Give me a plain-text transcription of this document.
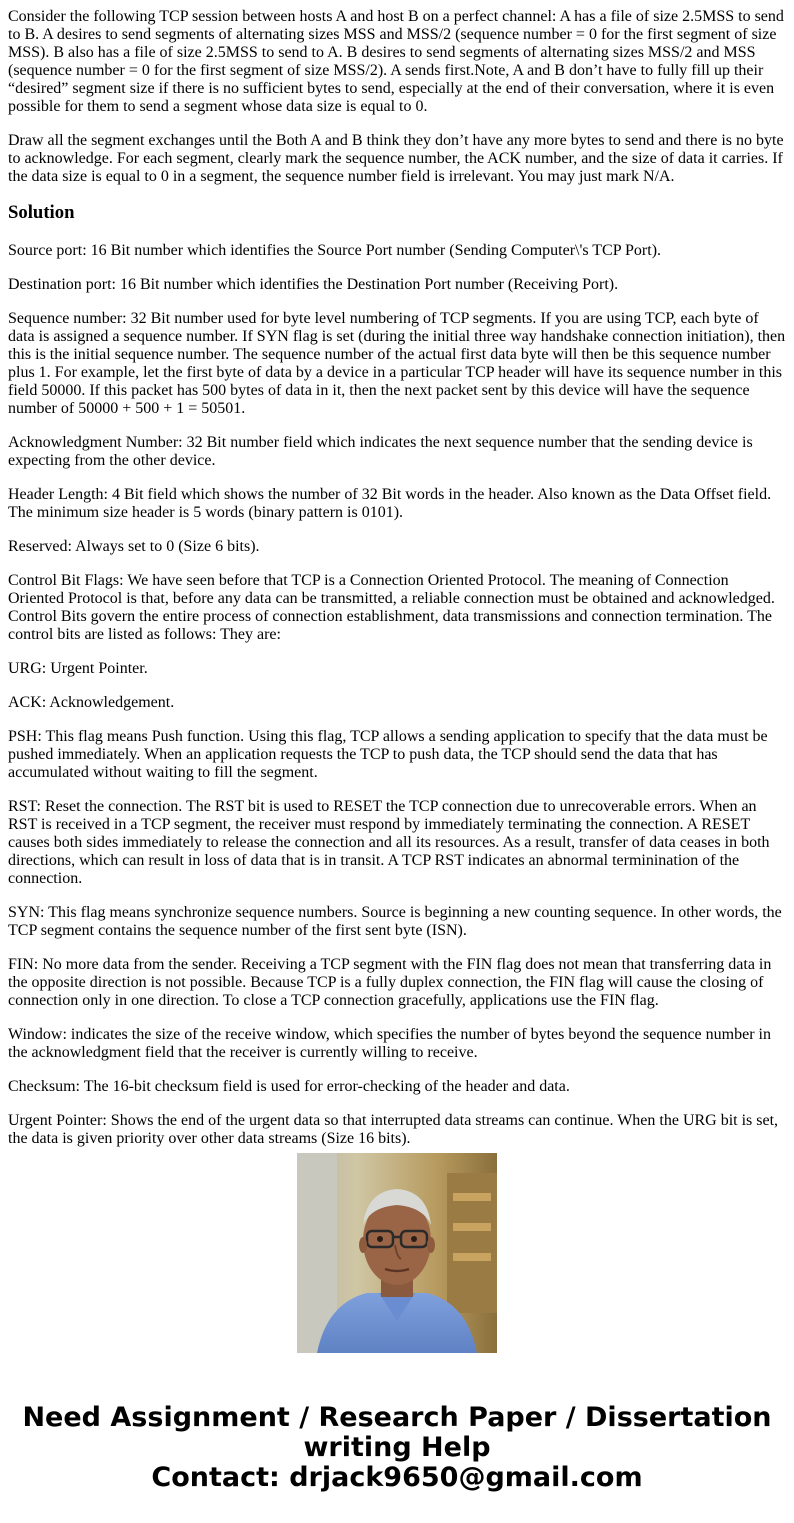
Consider the following TCP session between hosts A and host B on a perfect channel: A has a file of size 2.5MSS to send to B. A desires to send segments of alternating sizes MSS and MSS/2 (sequence number = 0 for the first segment of size MSS). B also has a file of size 2.5MSS to send to A. B desires to send segments of alternating sizes MSS/2 and MSS (sequence number = 0 for the first segment of size MSS/2). A sends first.Note, A and B don’t have to fully fill up their “desired” segment size if there is no sufficient bytes to send, especially at the end of their conversation, where it is even possible for them to send a segment whose data size is equal to 0.

Draw all the segment exchanges until the Both A and B think they don’t have any more bytes to send and there is no byte to acknowledge. For each segment, clearly mark the sequence number, the ACK number, and the size of data it carries. If the data size is equal to 0 in a segment, the sequence number field is irrelevant. You may just mark N/A.

Solution

Source port: 16 Bit number which identifies the Source Port number (Sending Computer\'s TCP Port).

Destination port: 16 Bit number which identifies the Destination Port number (Receiving Port).

Sequence number: 32 Bit number used for byte level numbering of TCP segments. If you are using TCP, each byte of data is assigned a sequence number. If SYN flag is set (during the initial three way handshake connection initiation), then this is the initial sequence number. The sequence number of the actual first data byte will then be this sequence number plus 1. For example, let the first byte of data by a device in a particular TCP header will have its sequence number in this field 50000. If this packet has 500 bytes of data in it, then the next packet sent by this device will have the sequence number of 50000 + 500 + 1 = 50501.

Acknowledgment Number: 32 Bit number field which indicates the next sequence number that the sending device is expecting from the other device.

Header Length: 4 Bit field which shows the number of 32 Bit words in the header. Also known as the Data Offset field. The minimum size header is 5 words (binary pattern is 0101).

Reserved: Always set to 0 (Size 6 bits).

Control Bit Flags: We have seen before that TCP is a Connection Oriented Protocol. The meaning of Connection Oriented Protocol is that, before any data can be transmitted, a reliable connection must be obtained and acknowledged. Control Bits govern the entire process of connection establishment, data transmissions and connection termination. The control bits are listed as follows: They are:

URG: Urgent Pointer.

ACK: Acknowledgement.

PSH: This flag means Push function. Using this flag, TCP allows a sending application to specify that the data must be pushed immediately. When an application requests the TCP to push data, the TCP should send the data that has accumulated without waiting to fill the segment.

RST: Reset the connection. The RST bit is used to RESET the TCP connection due to unrecoverable errors. When an RST is received in a TCP segment, the receiver must respond by immediately terminating the connection. A RESET causes both sides immediately to release the connection and all its resources. As a result, transfer of data ceases in both directions, which can result in loss of data that is in transit. A TCP RST indicates an abnormal terminination of the connection.

SYN: This flag means synchronize sequence numbers. Source is beginning a new counting sequence. In other words, the TCP segment contains the sequence number of the first sent byte (ISN).

FIN: No more data from the sender. Receiving a TCP segment with the FIN flag does not mean that transferring data in the opposite direction is not possible. Because TCP is a fully duplex connection, the FIN flag will cause the closing of connection only in one direction. To close a TCP connection gracefully, applications use the FIN flag.

Window: indicates the size of the receive window, which specifies the number of bytes beyond the sequence number in the acknowledgment field that the receiver is currently willing to receive.

Checksum: The 16-bit checksum field is used for error-checking of the header and data.

Urgent Pointer: Shows the end of the urgent data so that interrupted data streams can continue. When the URG bit is set, the data is given priority over other data streams (Size 16 bits).

Need Assignment / Research Paper / Dissertation
writing Help
Contact: drjack9650@gmail.com
